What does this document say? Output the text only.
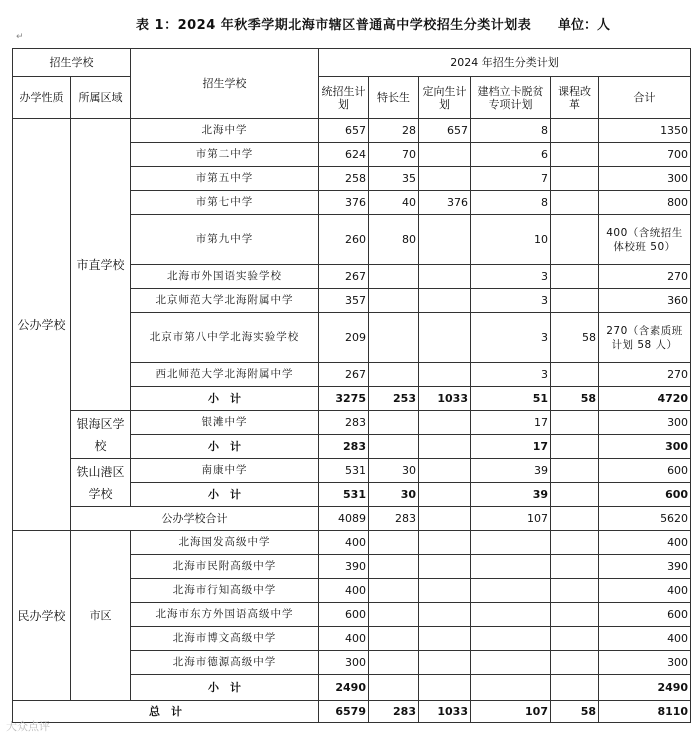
表 1：2024 年秋季学期北海市辖区普通高中学校招生分类计划表 单位：人
↵
招生学校		招生学校	2024 年招生分类计划					
办学性质	所属区域		统招生计划	特长生	定向生计划	建档立卡脱贫专项计划	课程改革	合计
公办学校	市直学校	北海中学	657	28	657	8		1350
		市第二中学	624	70		6		700
		市第五中学	258	35		7		300
		市第七中学	376	40	376	8		800
		市第九中学	260	80		10		400（含统招生体校班 50）
		北海市外国语实验学校	267			3		270
		北京师范大学北海附属中学	357			3		360
		北京市第八中学北海实验学校	209			3	58	270（含素质班计划 58 人）
		西北师范大学北海附属中学	267			3		270
		小　计	3275	253	1033	51	58	4720
	银海区学校	银滩中学	283			17		300
		小　计	283			17		300
	铁山港区学校	南康中学	531	30		39		600
		小　计	531	30		39		600
	公办学校合计		4089	283		107		5620
民办学校	市区	北海国发高级中学	400					400
		北海市民附高级中学	390					390
		北海市行知高级中学	400					400
		北海市东方外国语高级中学	600					600
		北海市博文高级中学	400					400
		北海市德源高级中学	300					300
		小　计	2490					2490
总　计			6579	283	1033	107	58	8110
大众点评
